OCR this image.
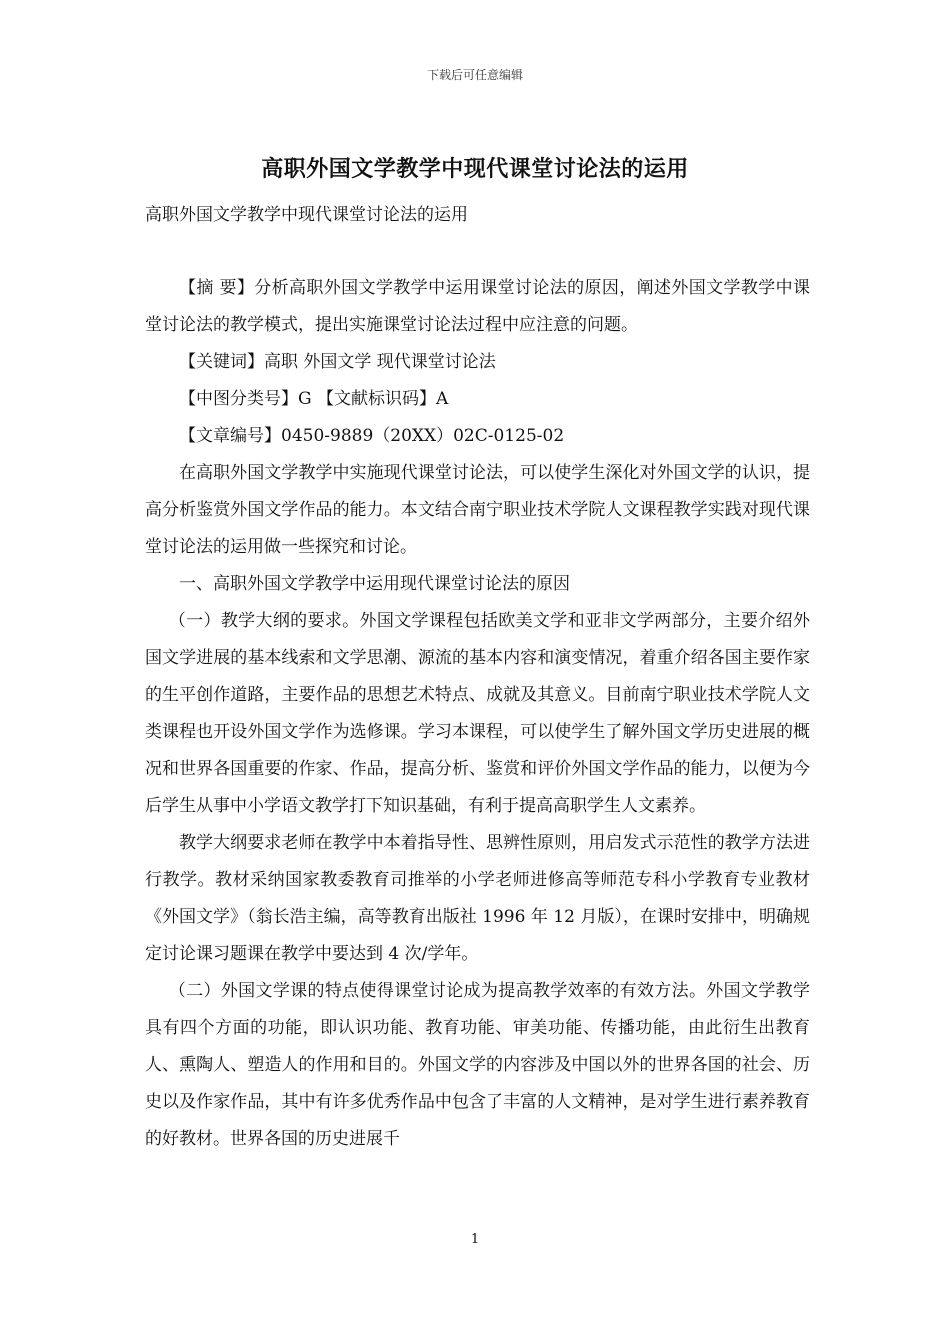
下载后可任意编辑
高职外国文学教学中现代课堂讨论法的运用
高职外国文学教学中现代课堂讨论法的运用

【摘 要】分析高职外国文学教学中运用课堂讨论法的原因，阐述外国文学教学中课堂讨论法的教学模式，提出实施课堂讨论法过程中应注意的问题。

【关键词】高职 外国文学 现代课堂讨论法

【中图分类号】G 【文献标识码】A

【文章编号】0450-9889（20XX）02C-0125-02

在高职外国文学教学中实施现代课堂讨论法，可以使学生深化对外国文学的认识，提高分析鉴赏外国文学作品的能力。本文结合南宁职业技术学院人文课程教学实践对现代课堂讨论法的运用做一些探究和讨论。

一、高职外国文学教学中运用现代课堂讨论法的原因

（一）教学大纲的要求。外国文学课程包括欧美文学和亚非文学两部分，主要介绍外国文学进展的基本线索和文学思潮、源流的基本内容和演变情况，着重介绍各国主要作家的生平创作道路，主要作品的思想艺术特点、成就及其意义。目前南宁职业技术学院人文类课程也开设外国文学作为选修课。学习本课程，可以使学生了解外国文学历史进展的概况和世界各国重要的作家、作品，提高分析、鉴赏和评价外国文学作品的能力，以便为今后学生从事中小学语文教学打下知识基础，有利于提高高职学生人文素养。

教学大纲要求老师在教学中本着指导性、思辨性原则，用启发式示范性的教学方法进行教学。教材采纳国家教委教育司推举的小学老师进修高等师范专科小学教育专业教材《外国文学》（翁长浩主编，高等教育出版社 1996 年 12 月版），在课时安排中，明确规定讨论课习题课在教学中要达到 4 次/学年。

（二）外国文学课的特点使得课堂讨论成为提高教学效率的有效方法。外国文学教学具有四个方面的功能，即认识功能、教育功能、审美功能、传播功能，由此衍生出教育人、熏陶人、塑造人的作用和目的。外国文学的内容涉及中国以外的世界各国的社会、历史以及作家作品，其中有许多优秀作品中包含了丰富的人文精神，是对学生进行素养教育的好教材。世界各国的历史进展千

1
